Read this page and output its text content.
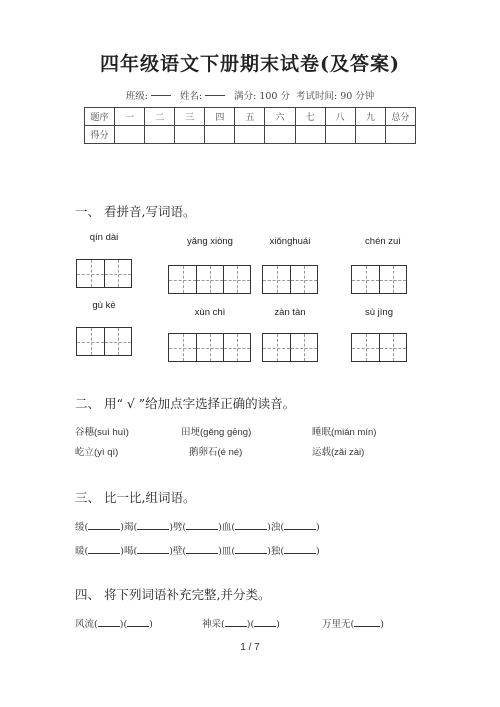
四年级语文下册期末试卷(及答案)
班级:	姓名:	满分: 100 分 考试时间: 90 分钟
题序	一	二	三	四	五	六	七	八	九	总分
得分										
一、 看拼音,写词语。
qín dài	yǎng xiòng	xiǒnghuái	chén zuì
gù kè
xùn chì	zàn tàn	sù jìng
二、 用“ √ ”给加点字选择正确的读音。
谷穗(suì huì)	田埂(gěng gēng)	睡眠(mián mín)
屹立(yì qì)	鹅卵石(é né)	运载(zǎi zài)
三、 比一比,组词语。
缓(	)竭(	)劈(	)血(	)浊(	)
暖(	)喝(	)壁(	)皿(	)独(	)
四、 将下列词语补充完整,并分类。
风流( )( )	神采( )( )	万里无(	)
1 / 7
